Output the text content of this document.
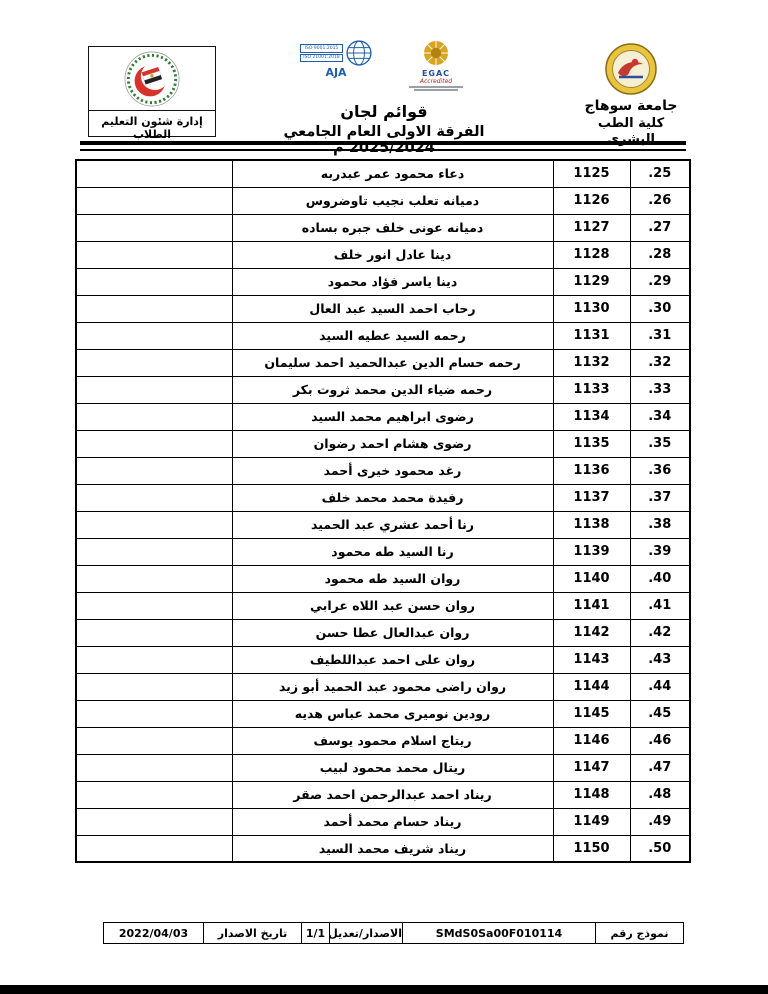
جامعة سوهاج
كلية الطب البشرى
EGAC
Accredited
ISO 9001:2015
ISO 21001:2018
AJA
قوائم لجان
الفرقة الاولى العام الجامعي 2025/2024 م
إدارة شئون التعليم الطلاب
25.	1125	دعاء محمود عمر عبدربه	
26.	1126	دميانه تعلب نجيب تاوضروس	
27.	1127	دميانه عونى خلف جبره بساده	
28.	1128	دينا عادل انور خلف	
29.	1129	دينا ياسر فؤاد محمود	
30.	1130	رحاب احمد السيد عبد العال	
31.	1131	رحمه السيد عطيه السيد	
32.	1132	رحمه حسام الدين عبدالحميد احمد سليمان	
33.	1133	رحمه ضياء الدين محمد ثروت بكر	
34.	1134	رضوى ابراهيم محمد السيد	
35.	1135	رضوى هشام احمد رضوان	
36.	1136	رغد محمود خيرى أحمد	
37.	1137	رفيدة محمد محمد خلف	
38.	1138	رنا أحمد عشري عبد الحميد	
39.	1139	رنا السيد طه محمود	
40.	1140	روان السيد طه محمود	
41.	1141	روان حسن عبد اللاه عرابي	
42.	1142	روان عبدالعال عطا حسن	
43.	1143	روان على احمد عبداللطيف	
44.	1144	روان راضى محمود عبد الحميد أبو زيد	
45.	1145	رودين نوميرى محمد عباس هديه	
46.	1146	ريتاج اسلام محمود يوسف	
47.	1147	ريتال محمد محمود لبيب	
48.	1148	ريناد احمد عبدالرحمن احمد صقر	
49.	1149	ريناد حسام محمد أحمد	
50.	1150	ريناد شريف محمد السيد	
نموذج رقم	SMdS0Sa00F010114	الاصدار/تعديل	1/1	تاريخ الاصدار	2022/04/03
